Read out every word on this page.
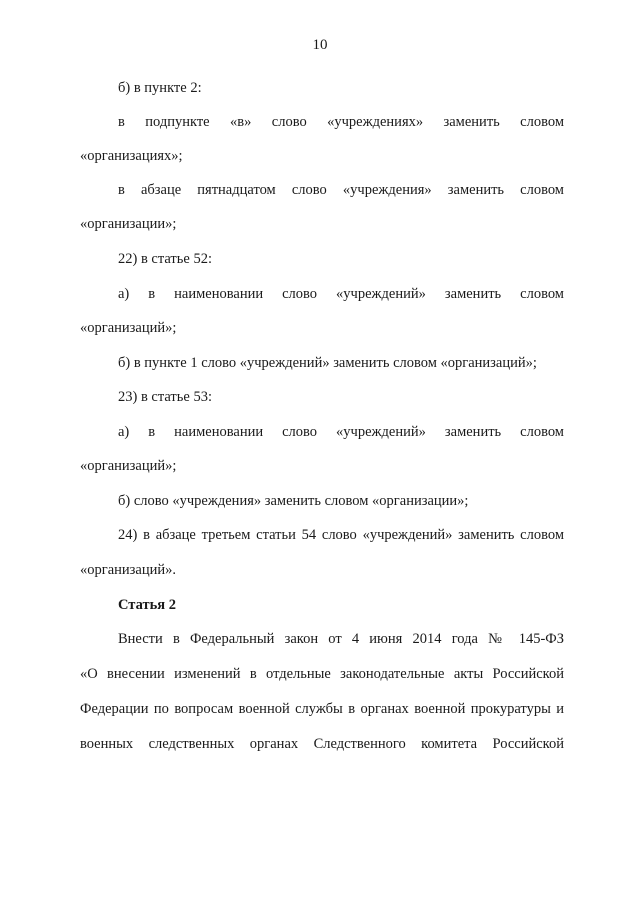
10
б) в пункте 2:
в подпункте «в» слово «учреждениях» заменить словом
«организациях»;
в абзаце пятнадцатом слово «учреждения» заменить словом
«организации»;
22) в статье 52:
а) в наименовании слово «учреждений» заменить словом
«организаций»;
б) в пункте 1 слово «учреждений» заменить словом «организаций»;
23) в статье 53:
а) в наименовании слово «учреждений» заменить словом
«организаций»;
б) слово «учреждения» заменить словом «организации»;
24) в абзаце третьем статьи 54 слово «учреждений» заменить словом
«организаций».
Статья 2
Внести в Федеральный закон от 4 июня 2014 года № 145-ФЗ
«О внесении изменений в отдельные законодательные акты Российской
Федерации по вопросам военной службы в органах военной прокуратуры и
военных следственных органах Следственного комитета Российской
